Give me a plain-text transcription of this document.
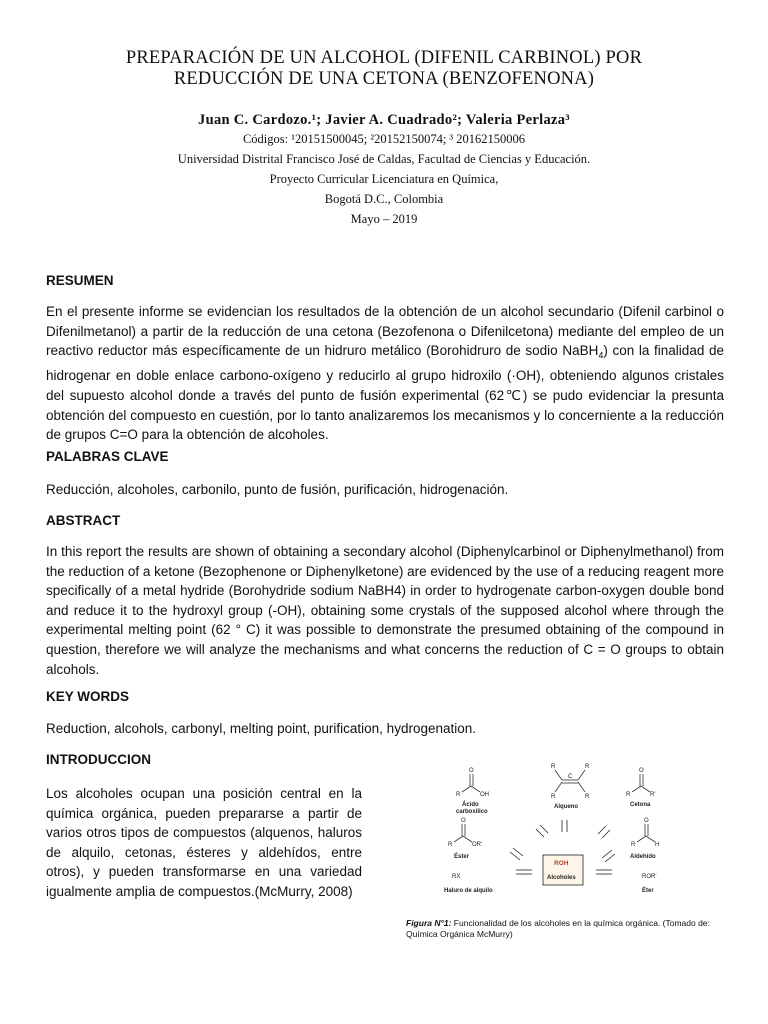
PREPARACIÓN DE UN ALCOHOL (DIFENIL CARBINOL) POR
REDUCCIÓN DE UNA CETONA (BENZOFENONA)
Juan C. Cardozo.¹; Javier A. Cuadrado²; Valeria Perlaza³
Códigos: ¹20151500045; ²20152150074; ³ 20162150006
Universidad Distrital Francisco José de Caldas, Facultad de Ciencias y Educación.
Proyecto Curricular Licenciatura en Química,
Bogotá D.C., Colombia
Mayo – 2019
RESUMEN
En el presente informe se evidencian los resultados de la obtención de un alcohol secundario (Difenil carbinol o Difenilmetanol) a partir de la reducción de una cetona (Bezofenona o Difenilcetona) mediante del empleo de un reactivo reductor más específicamente de un hidruro metálico (Borohidruro de sodio NaBH$_4$) con la finalidad de hidrogenar en doble enlace carbono-oxígeno y reducirlo al grupo hidroxilo (·OH), obteniendo algunos cristales del supuesto alcohol donde a través del punto de fusión experimental (62℃) se pudo evidenciar la presunta obtención del compuesto en cuestión, por lo tanto analizaremos los mecanismos y lo concerniente a la reducción de grupos C=O para la obtención de alcoholes.
PALABRAS CLAVE
Reducción, alcoholes, carbonilo, punto de fusión, purificación, hidrogenación.
ABSTRACT
In this report the results are shown of obtaining a secondary alcohol (Diphenylcarbinol or Diphenylmethanol) from the reduction of a ketone (Bezophenone or Diphenylketone) are evidenced by the use of a reducing reagent more specifically of a metal hydride (Borohydride sodium NaBH4) in order to hydrogenate carbon-oxygen double bond and reduce it to the hydroxyl group (-OH), obtaining some crystals of the supposed alcohol where through the experimental melting point (62 ° C) it was possible to demonstrate the presumed obtaining of the compound in question, therefore we will analyze the mechanisms and what concerns the reduction of C = O groups to obtain alcohols.
KEY WORDS
Reduction, alcohols, carbonyl, melting point, purification, hydrogenation.
INTRODUCCION
Los alcoholes ocupan una posición central en la química orgánica, pueden prepararse a partir de varios otros tipos de compuestos (alquenos, haluros de alquilo, cetonas, ésteres y aldehídos, entre otros), y pueden transformarse en una variedad igualmente amplia de compuestos.(McMurry, 2008)
O
R	OH
R	R
C
R	R
O
R	R'
O
R	OR'
O
R	H
Ácido
carboxílico
Alqueno	Cetona
Éster	Aldehído
Haluro de alquilo	Éter
RX	ROR'
ROH
Alcoholes
Figura N°1: Funcionalidad de los alcoholes en la química orgánica. (Tomado de: Química Orgánica McMurry)
